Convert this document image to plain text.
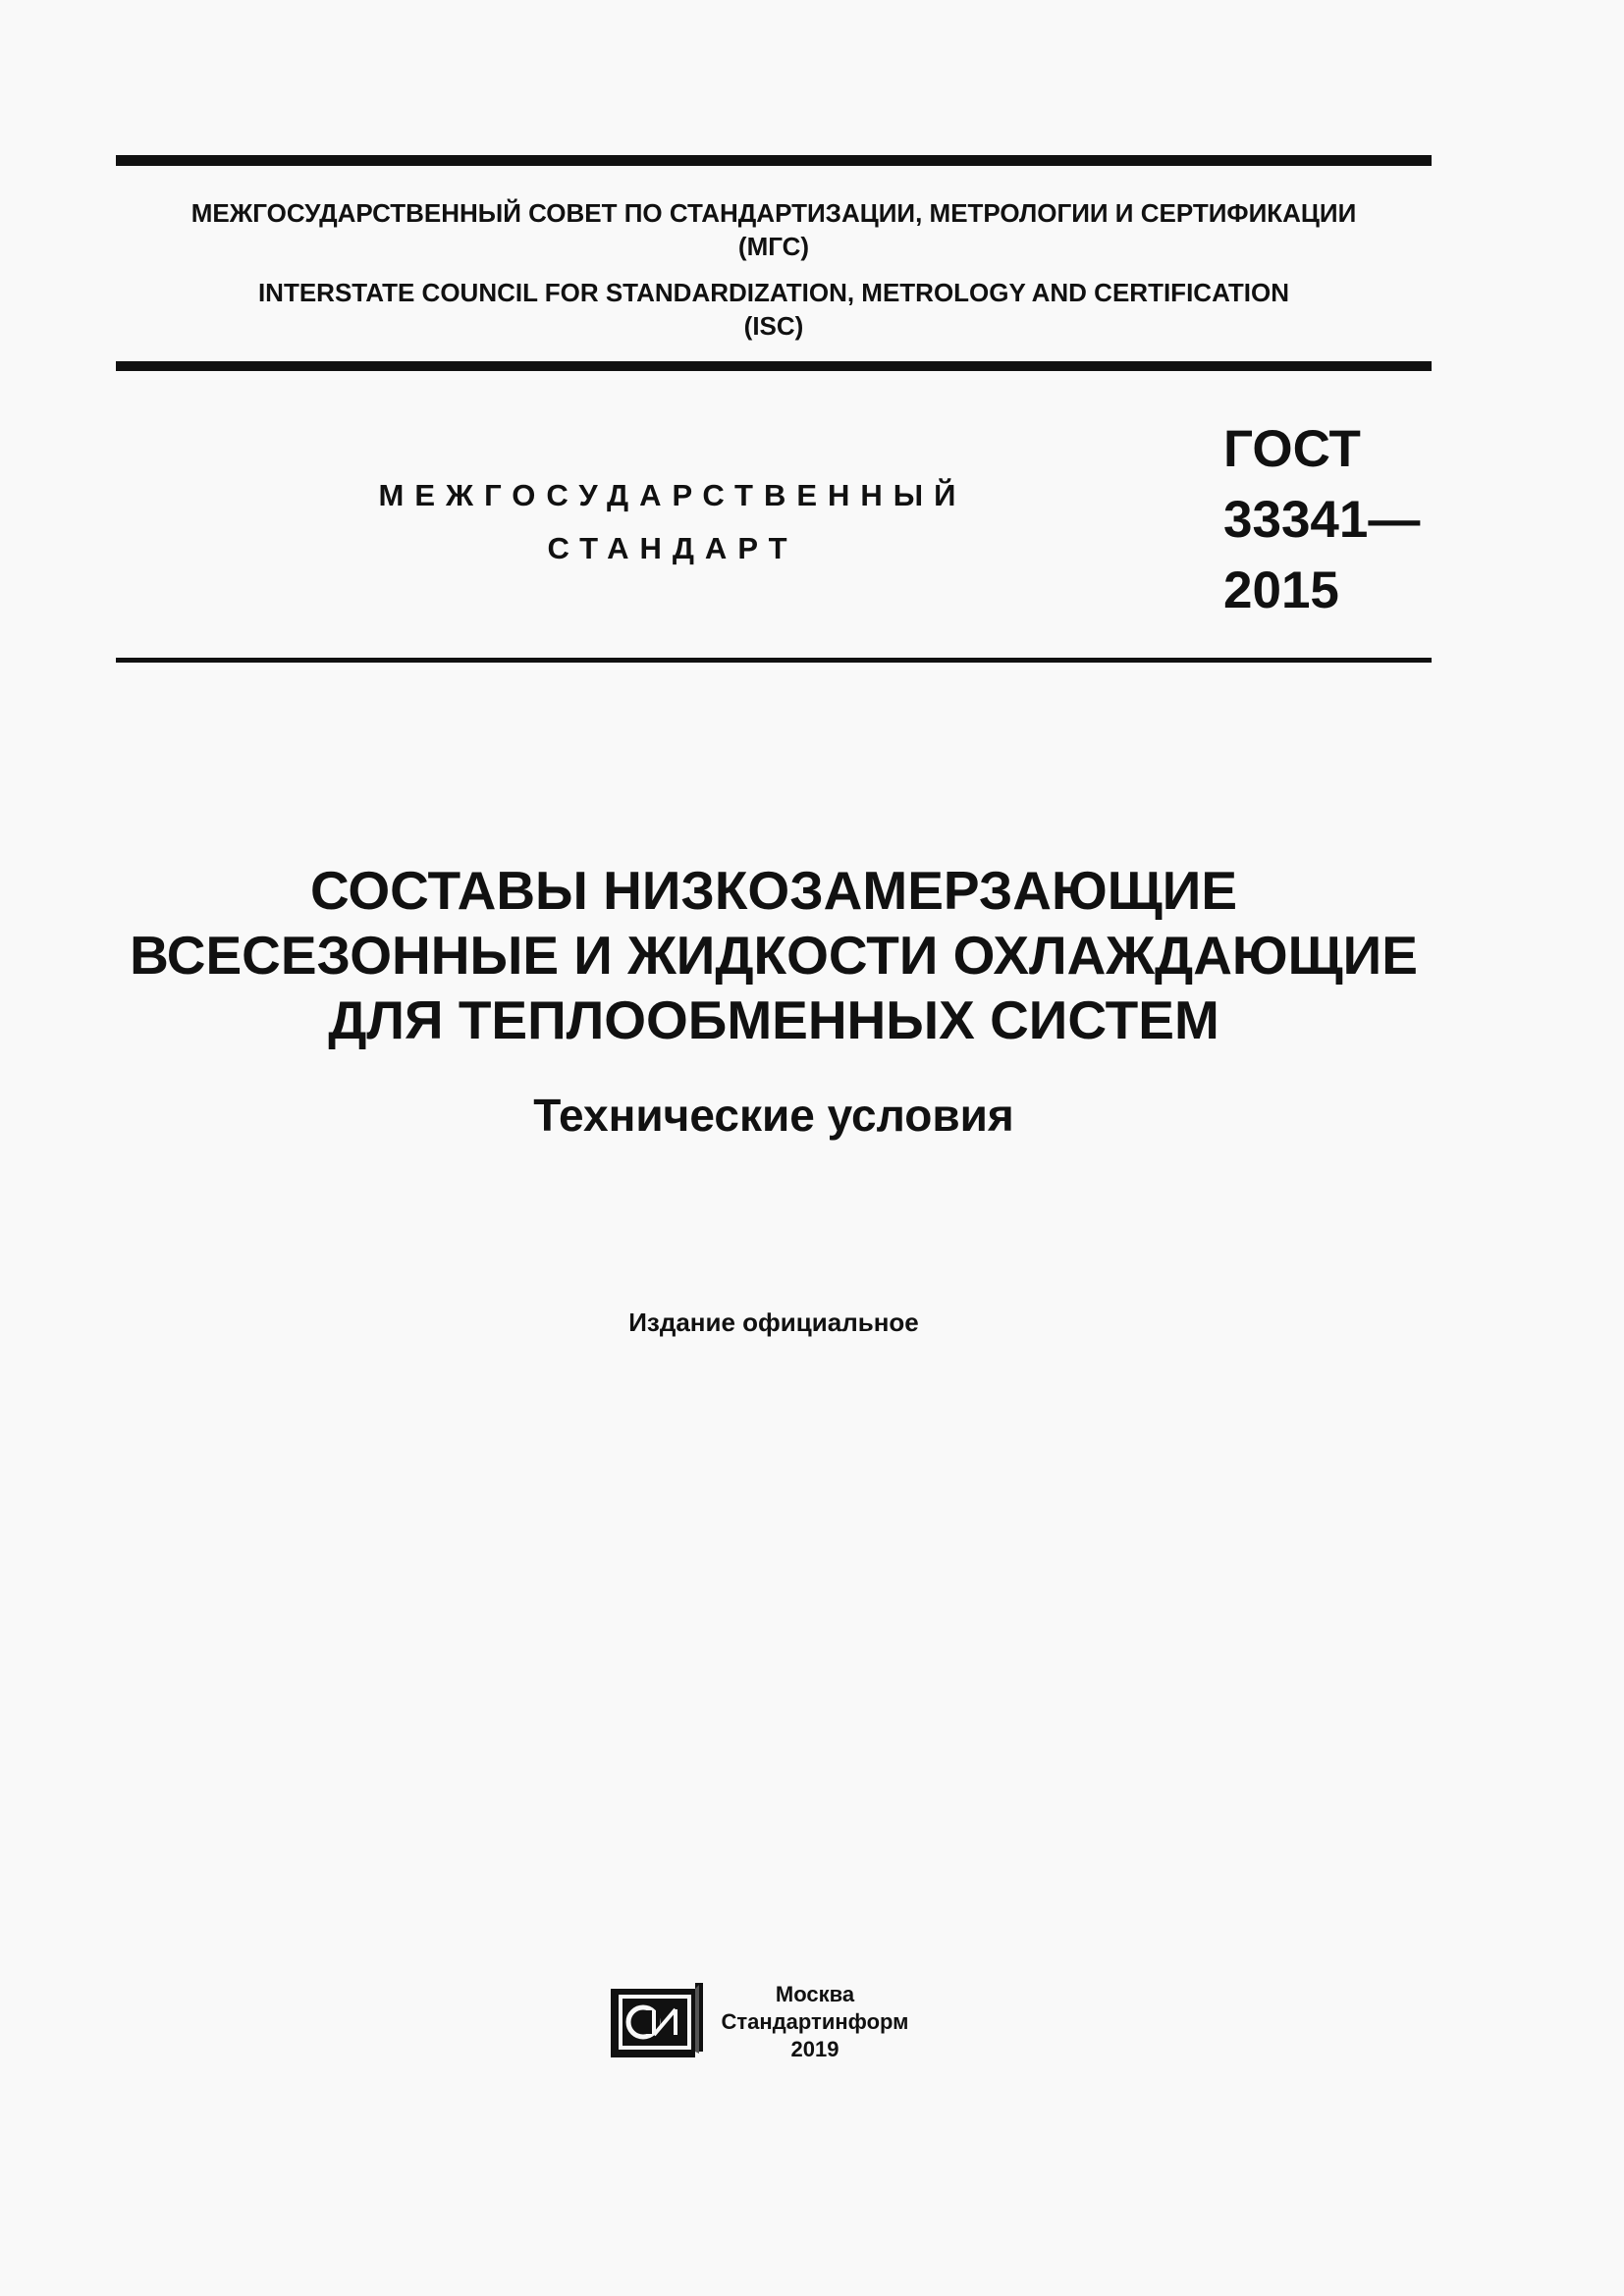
МЕЖГОСУДАРСТВЕННЫЙ СОВЕТ ПО СТАНДАРТИЗАЦИИ, МЕТРОЛОГИИ И СЕРТИФИКАЦИИ
(МГС)
INTERSTATE COUNCIL FOR STANDARDIZATION, METROLOGY AND CERTIFICATION
(ISC)
МЕЖГОСУДАРСТВЕННЫЙ
СТАНДАРТ
ГОСТ
33341—
2015
СОСТАВЫ НИЗКОЗАМЕРЗАЮЩИЕ
ВСЕСЕЗОННЫЕ И ЖИДКОСТИ ОХЛАЖДАЮЩИЕ
ДЛЯ ТЕПЛООБМЕННЫХ СИСТЕМ
Технические условия
Издание официальное
Москва
Стандартинформ
2019
